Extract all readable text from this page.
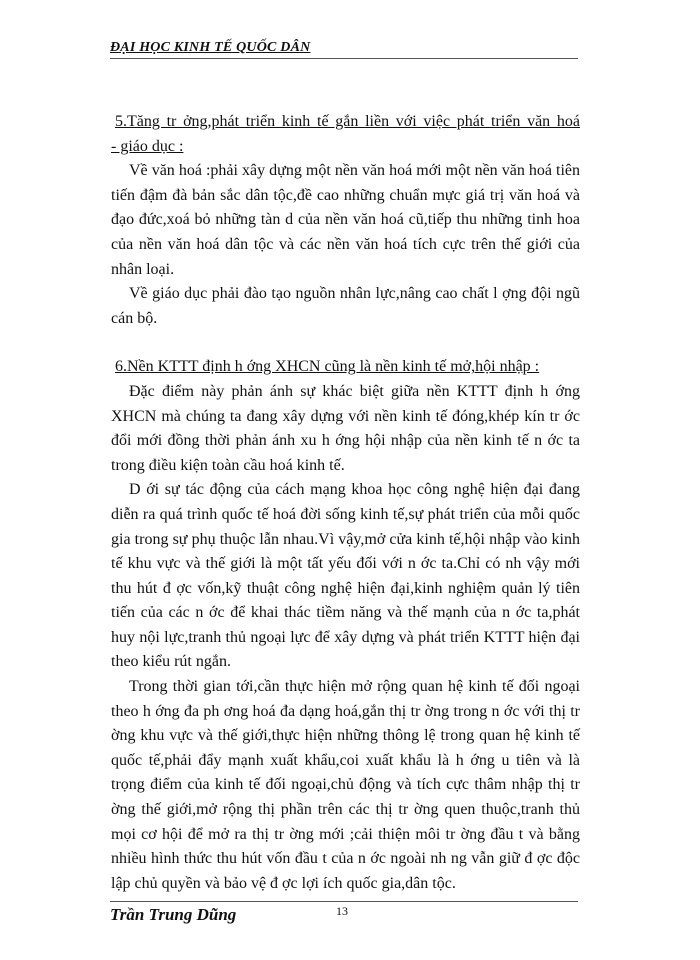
ĐẠI HỌC KINH TẾ QUỐC DÂN
5.Tăng tr ởng,phát triển kinh tế gắn liền với việc phát triển văn hoá
- giáo dục :

Về văn hoá :phải xây dựng một nền văn hoá mới một nền văn hoá tiên tiến đậm đà bản sắc dân tộc,đề cao những chuẩn mực giá trị văn hoá và đạo đức,xoá bỏ những tàn d của nền văn hoá cũ,tiếp thu những tinh hoa của nền văn hoá dân tộc và các nền văn hoá tích cực trên thế giới của nhân loại.

Về giáo dục phải đào tạo nguồn nhân lực,nâng cao chất l ợng đội ngũ cán bộ.

6.Nền KTTT định h ớng XHCN cũng là nền kinh tế mở,hội nhập :

Đặc điểm này phản ánh sự khác biệt giữa nền KTTT định h ớng XHCN mà chúng ta đang xây dựng với nền kinh tế đóng,khép kín tr ớc đổi mới đồng thời phản ánh xu h ớng hội nhập của nền kinh tế n ớc ta trong điều kiện toàn cầu hoá kinh tế.

D ới sự tác động của cách mạng khoa học công nghệ hiện đại đang diễn ra quá trình quốc tế hoá đời sống kinh tế,sự phát triển của mỗi quốc gia trong sự phụ thuộc lẫn nhau.Vì vậy,mở cửa kinh tế,hội nhập vào kinh tế khu vực và thế giới là một tất yếu đối với n ớc ta.Chỉ có nh vậy mới thu hút đ ợc vốn,kỹ thuật công nghệ hiện đại,kinh nghiệm quản lý tiên tiến của các n ớc để khai thác tiềm năng và thế mạnh của n ớc ta,phát huy nội lực,tranh thủ ngoại lực để xây dựng và phát triển KTTT hiện đại theo kiểu rút ngắn.

Trong thời gian tới,cần thực hiện mở rộng quan hệ kinh tế đối ngoại theo h ớng đa ph ơng hoá đa dạng hoá,gắn thị tr ờng trong n ớc với thị tr ờng khu vực và thế giới,thực hiện những thông lệ trong quan hệ kinh tế quốc tế,phải đẩy mạnh xuất khẩu,coi xuất khẩu là h ớng u tiên và là trọng điểm của kinh tế đối ngoại,chủ động và tích cực thâm nhập thị tr ờng thế giới,mở rộng thị phần trên các thị tr ờng quen thuộc,tranh thủ mọi cơ hội để mở ra thị tr ờng mới ;cải thiện môi tr ờng đầu t và bằng nhiều hình thức thu hút vốn đầu t của n ớc ngoài nh ng vẫn giữ đ ợc độc lập chủ quyền và bảo vệ đ ợc lợi ích quốc gia,dân tộc.

Trần Trung Dũng	13
